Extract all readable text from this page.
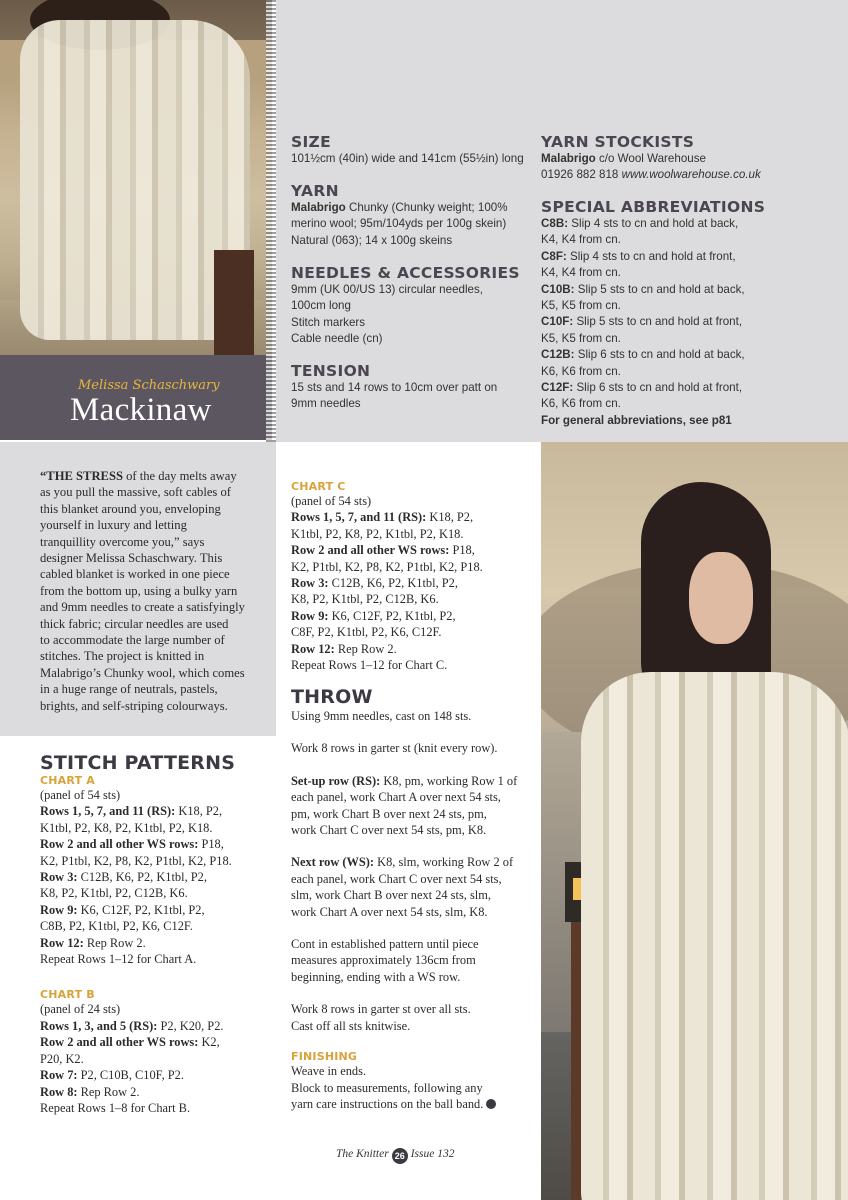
Melissa Schaschwary
Mackinaw
SIZE
101½cm (40in) wide and 141cm (55½in) long
YARN
Malabrigo Chunky (Chunky weight; 100%
merino wool; 95m/104yds per 100g skein)
Natural (063); 14 x 100g skeins
NEEDLES & ACCESSORIES
9mm (UK 00/US 13) circular needles,
100cm long
Stitch markers
Cable needle (cn)
TENSION
15 sts and 14 rows to 10cm over patt on
9mm needles
YARN STOCKISTS
Malabrigo c/o Wool Warehouse
01926 882 818 www.woolwarehouse.co.uk
SPECIAL ABBREVIATIONS
C8B: Slip 4 sts to cn and hold at back,
K4, K4 from cn.
C8F: Slip 4 sts to cn and hold at front,
K4, K4 from cn.
C10B: Slip 5 sts to cn and hold at back,
K5, K5 from cn.
C10F: Slip 5 sts to cn and hold at front,
K5, K5 from cn.
C12B: Slip 6 sts to cn and hold at back,
K6, K6 from cn.
C12F: Slip 6 sts to cn and hold at front,
K6, K6 from cn.
For general abbreviations, see p81
“THE STRESS of the day melts away
as you pull the massive, soft cables of
this blanket around you, enveloping
yourself in luxury and letting
tranquillity overcome you,” says
designer Melissa Schaschwary. This
cabled blanket is worked in one piece
from the bottom up, using a bulky yarn
and 9mm needles to create a satisfyingly
thick fabric; circular needles are used
to accommodate the large number of
stitches. The project is knitted in
Malabrigo’s Chunky wool, which comes
in a huge range of neutrals, pastels,
brights, and self-striping colourways.
STITCH PATTERNS
CHART A
(panel of 54 sts)
Rows 1, 5, 7, and 11 (RS): K18, P2,
K1tbl, P2, K8, P2, K1tbl, P2, K18.
Row 2 and all other WS rows: P18,
K2, P1tbl, K2, P8, K2, P1tbl, K2, P18.
Row 3: C12B, K6, P2, K1tbl, P2,
K8, P2, K1tbl, P2, C12B, K6.
Row 9: K6, C12F, P2, K1tbl, P2,
C8B, P2, K1tbl, P2, K6, C12F.
Row 12: Rep Row 2.
Repeat Rows 1–12 for Chart A.
CHART B
(panel of 24 sts)
Rows 1, 3, and 5 (RS): P2, K20, P2.
Row 2 and all other WS rows: K2,
P20, K2.
Row 7: P2, C10B, C10F, P2.
Row 8: Rep Row 2.
Repeat Rows 1–8 for Chart B.
CHART C
(panel of 54 sts)
Rows 1, 5, 7, and 11 (RS): K18, P2,
K1tbl, P2, K8, P2, K1tbl, P2, K18.
Row 2 and all other WS rows: P18,
K2, P1tbl, K2, P8, K2, P1tbl, K2, P18.
Row 3: C12B, K6, P2, K1tbl, P2,
K8, P2, K1tbl, P2, C12B, K6.
Row 9: K6, C12F, P2, K1tbl, P2,
C8F, P2, K1tbl, P2, K6, C12F.
Row 12: Rep Row 2.
Repeat Rows 1–12 for Chart C.
THROW
Using 9mm needles, cast on 148 sts.
Work 8 rows in garter st (knit every row).
Set-up row (RS): K8, pm, working Row 1 of
each panel, work Chart A over next 54 sts,
pm, work Chart B over next 24 sts, pm,
work Chart C over next 54 sts, pm, K8.
Next row (WS): K8, slm, working Row 2 of
each panel, work Chart C over next 54 sts,
slm, work Chart B over next 24 sts, slm,
work Chart A over next 54 sts, slm, K8.
Cont in established pattern until piece
measures approximately 136cm from
beginning, ending with a WS row.
Work 8 rows in garter st over all sts.
Cast off all sts knitwise.
FINISHING
Weave in ends.
Block to measurements, following any
yarn care instructions on the ball band.
The Knitter 26 Issue 132
